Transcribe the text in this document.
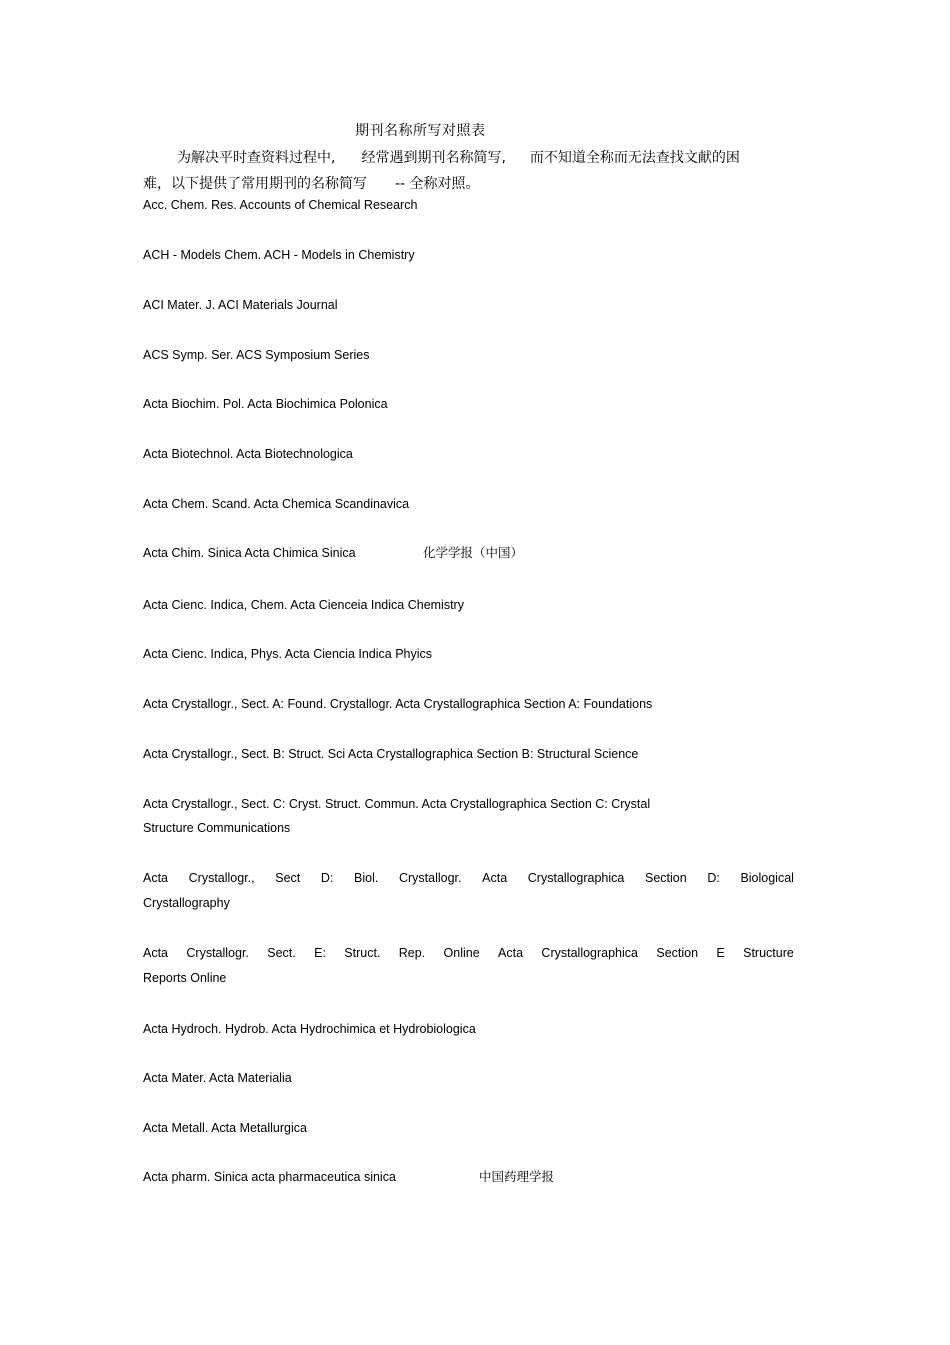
期刊名称所写对照表
为解决平时查资料过程中, 经常遇到期刊名称简写, 而不知道全称而无法查找文献的困
难，以下提供了常用期刊的名称简写 -- 全称对照。
Acc. Chem. Res. Accounts of Chemical Research
ACH - Models Chem. ACH - Models in Chemistry
ACI Mater. J. ACI Materials Journal
ACS Symp. Ser. ACS Symposium Series
Acta Biochim. Pol. Acta Biochimica Polonica
Acta Biotechnol. Acta Biotechnologica
Acta Chem. Scand. Acta Chemica Scandinavica
Acta Chim. Sinica Acta Chimica Sinica	化学学报（中国）
Acta Cienc. Indica, Chem. Acta Cienceia Indica Chemistry
Acta Cienc. Indica, Phys. Acta Ciencia Indica Phyics
Acta Crystallogr., Sect. A: Found. Crystallogr. Acta Crystallographica Section A: Foundations
Acta Crystallogr., Sect. B: Struct. Sci Acta Crystallographica Section B: Structural Science
Acta Crystallogr., Sect. C: Cryst. Struct. Commun. Acta Crystallographica Section C: Crystal
Structure Communications
Acta Crystallogr., Sect D: Biol. Crystallogr. Acta Crystallographica Section D: Biological
Crystallography
Acta Crystallogr. Sect. E: Struct. Rep. Online Acta Crystallographica Section E Structure
Reports Online
Acta Hydroch. Hydrob. Acta Hydrochimica et Hydrobiologica
Acta Mater. Acta Materialia
Acta Metall. Acta Metallurgica
Acta pharm. Sinica acta pharmaceutica sinica	中国药理学报
